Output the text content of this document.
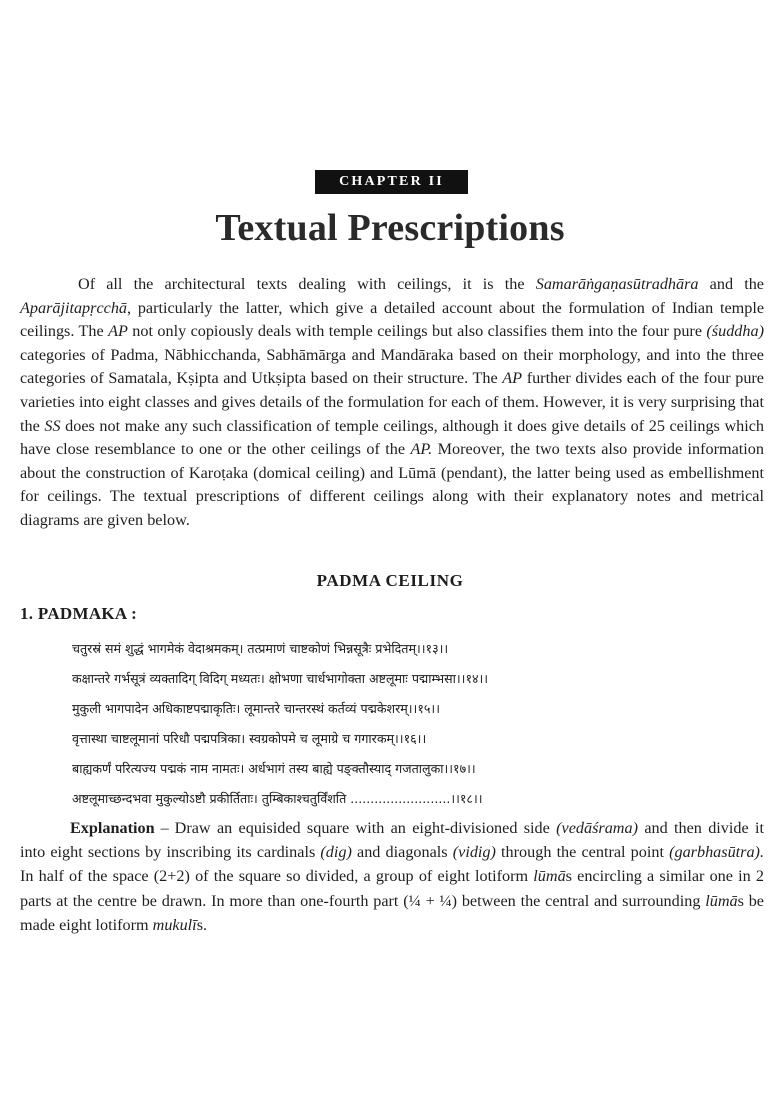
CHAPTER II
Textual Prescriptions

Of all the architectural texts dealing with ceilings, it is the Samarāṅgaṇasūtradhāra and the Aparājitapṛcchā, particularly the latter, which give a detailed account about the formulation of Indian temple ceilings. The AP not only copiously deals with temple ceilings but also classifies them into the four pure (śuddha) categories of Padma, Nābhicchanda, Sabhāmārga and Mandāraka based on their morphology, and into the three categories of Samatala, Kṣipta and Utkṣipta based on their structure. The AP further divides each of the four pure varieties into eight classes and gives details of the formulation for each of them. However, it is very surprising that the SS does not make any such classification of temple ceilings, although it does give details of 25 ceilings which have close resemblance to one or the other ceilings of the AP. Moreover, the two texts also provide information about the construction of Karoṭaka (domical ceiling) and Lūmā (pendant), the latter being used as embellishment for ceilings. The textual prescriptions of different ceilings along with their explanatory notes and metrical diagrams are given below.

PADMA CEILING
1. PADMAKA :
चतुरस्रं समं शुद्धं भागमेकं वेदाश्रमकम्। तत्प्रमाणं चाष्टकोणं भिन्नसूत्रैः प्रभेदितम्।।१३।।
कक्षान्तरे गर्भसूत्रं व्यक्तादिग् विदिग् मध्यतः। क्षोभणा चार्धभागोक्ता अष्टलूमाः पद्माम्भसा।।१४।।
मुकुली भागपादेन अधिकाष्टपद्माकृतिः। लूमान्तरे चान्तरस्थं कर्तव्यं पद्मकेशरम्।।१५।।
वृत्तास्था चाष्टलूमानां परिधौ पद्मपत्रिका। स्वग्रकोपमे च लूमाग्रे च गगारकम्।।१६।।
बाह्यकर्णं परित्यज्य पद्मकं नाम नामतः। अर्धभागं तस्य बाह्ये पङ्क्तौस्याद् गजतालुका।।१७।।
अष्टलूमाच्छन्दभवा मुकुल्योऽष्टौ प्रकीर्तिताः। तुम्बिकाश्चतुर्विंशति .........................।।१८।।

Explanation – Draw an equisided square with an eight-divisioned side (vedāśrama) and then divide it into eight sections by inscribing its cardinals (dig) and diagonals (vidig) through the central point (garbhasūtra). In half of the space (2+2) of the square so divided, a group of eight lotiform lūmās encircling a similar one in 2 parts at the centre be drawn. In more than one-fourth part (¼ + ¼) between the central and surrounding lūmās be made eight lotiform mukulīs.
